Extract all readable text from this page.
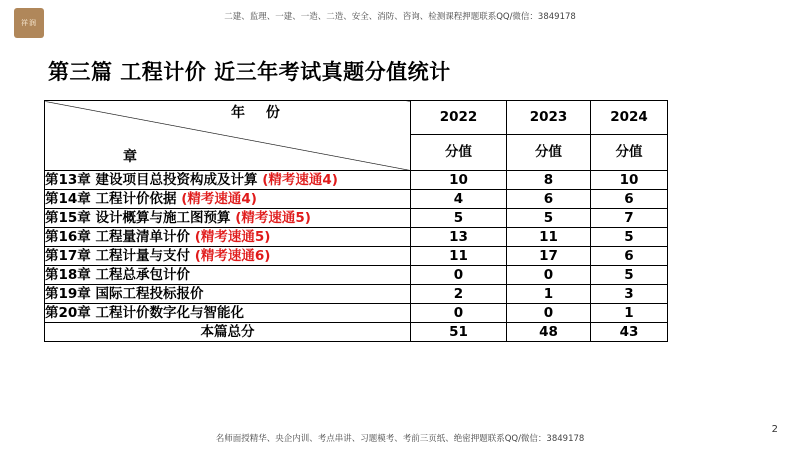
祥润
二建、监理、一建、一造、二造、安全、消防、咨询、检测课程押题联系QQ/微信：3849178
第三篇 工程计价 近三年考试真题分值统计
年 份
章	2022	2023	2024
	分值	分值	分值
第13章 建设项目总投资构成及计算 (精考速通4)	10	8	10
第14章 工程计价依据 (精考速通4)	4	6	6
第15章 设计概算与施工图预算 (精考速通5)	5	5	7
第16章 工程量清单计价 (精考速通5)	13	11	5
第17章 工程计量与支付 (精考速通6)	11	17	6
第18章 工程总承包计价	0	0	5
第19章 国际工程投标报价	2	1	3
第20章 工程计价数字化与智能化	0	0	1
本篇总分	51	48	43
2
名师面授精华、央企内训、考点串讲、习题模考、考前三页纸、绝密押题联系QQ/微信：3849178
